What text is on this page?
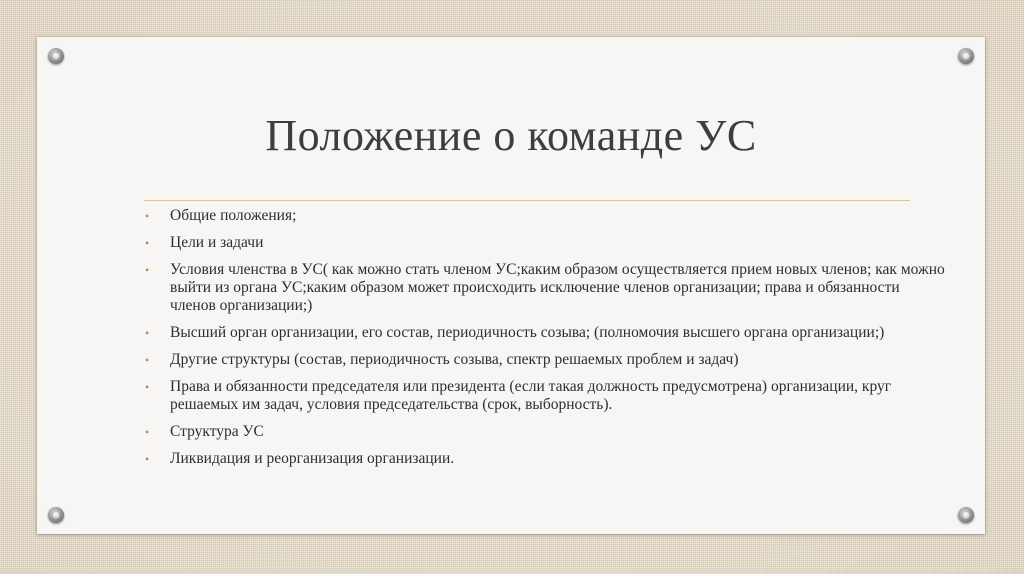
Положение о команде УС
• Общие положения;
• Цели и задачи
• Условия членства в УС( как можно стать членом УС;каким образом осуществляется прием новых членов; как можно выйти из органа УС;каким образом может происходить исключение членов организации; права и обязанности членов организации;)
• Высший орган организации, его состав, периодичность созыва; (полномочия высшего органа организации;)
• Другие структуры (состав, периодичность созыва, спектр решаемых проблем и задач)
• Права и обязанности председателя или президента (если такая должность предусмотрена) организации, круг решаемых им задач, условия председательства (срок, выборность).
• Структура УС
• Ликвидация и реорганизация организации.
